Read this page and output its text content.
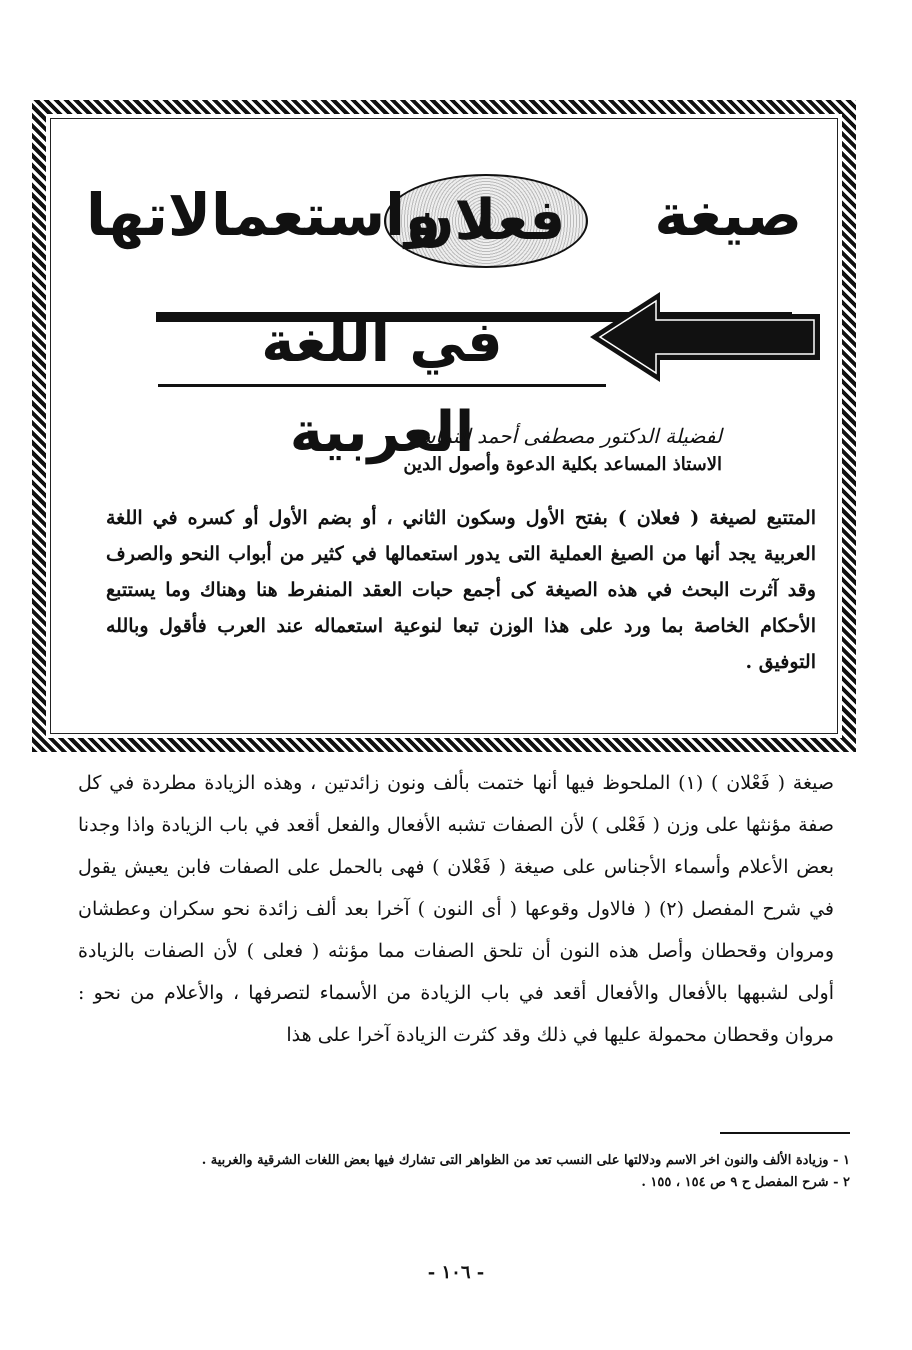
صيغة
فعلان
واستعمالاتها
في اللغة العربية
لفضيلة الدكتور مصطفى أحمد النماس
الاستاذ المساعد بكلية الدعوة وأصول الدين
المتتبع لصيغة ( فعلان ) بفتح الأول وسكون الثاني ، أو بضم الأول أو كسره في اللغة العربية يجد أنها من الصيغ العملية التى يدور استعمالها في كثير من أبواب النحو والصرف وقد آثرت البحث في هذه الصيغة كى أجمع حبات العقد المنفرط هنا وهناك وما يستتبع الأحكام الخاصة بما ورد على هذا الوزن تبعا لنوعية استعماله عند العرب فأقول وبالله التوفيق .

صيغة ( فَعْلان ) (١) الملحوظ فيها أنها ختمت بألف ونون زائدتين ، وهذه الزيادة مطردة في كل صفة مؤنثها على وزن ( فَعْلى ) لأن الصفات تشبه الأفعال والفعل أقعد في باب الزيادة واذا وجدنا بعض الأعلام وأسماء الأجناس على صيغة ( فَعْلان ) فهى بالحمل على الصفات فابن يعيش يقول في شرح المفصل (٢) ( فالاول وقوعها ( أى النون ) آخرا بعد ألف زائدة نحو سكران وعطشان ومروان وقحطان وأصل هذه النون أن تلحق الصفات مما مؤنثه ( فعلى ) لأن الصفات بالزيادة أولى لشبهها بالأفعال والأفعال أقعد في باب الزيادة من الأسماء لتصرفها ، والأعلام من نحو : مروان وقحطان محمولة عليها في ذلك وقد كثرت الزيادة آخرا على هذا

١ - وزيادة الألف والنون اخر الاسم ودلالتها على النسب تعد من الظواهر التى تشارك فيها بعض اللغات الشرقية والغربية .
٢ - شرح المفصل ح ٩ ص ١٥٤ ، ١٥٥ .
- ١٠٦ -
